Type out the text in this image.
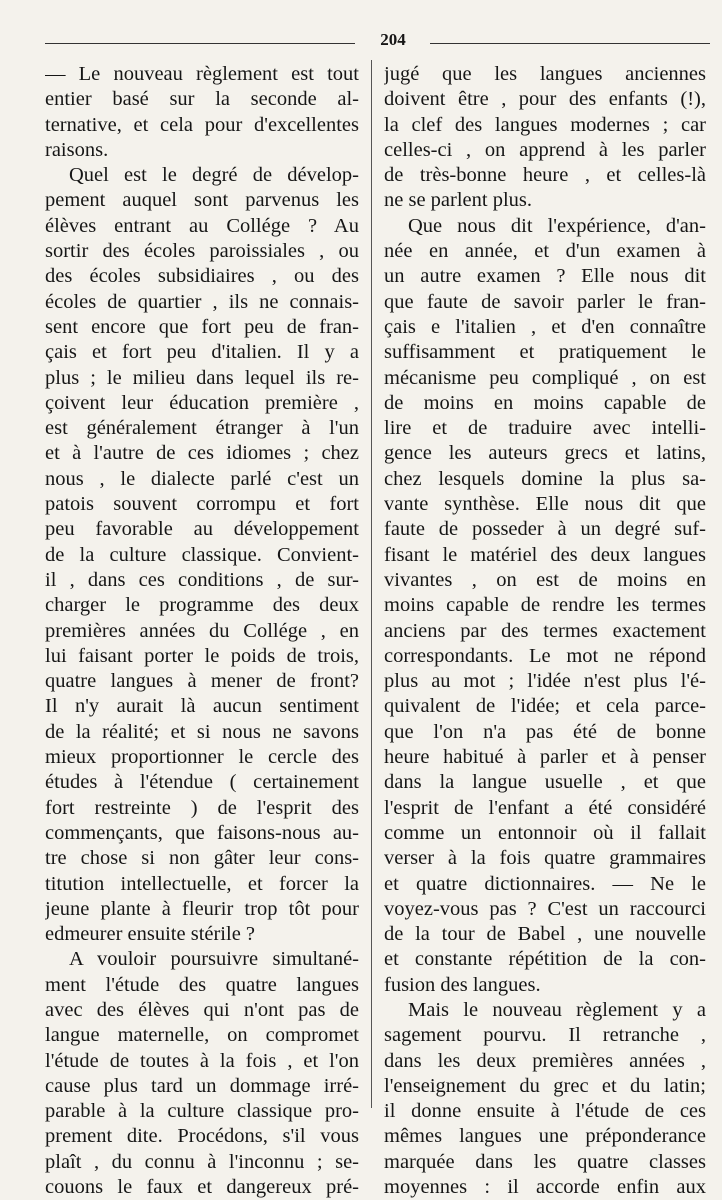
204
— Le nouveau règlement est tout
entier basé sur la seconde al-
ternative, et cela pour d'excellentes
raisons.
Quel est le degré de dévelop-
pement auquel sont parvenus les
élèves entrant au Collége ? Au
sortir des écoles paroissiales , ou
des écoles subsidiaires , ou des
écoles de quartier , ils ne connais-
sent encore que fort peu de fran-
çais et fort peu d'italien. Il y a
plus ; le milieu dans lequel ils re-
çoivent leur éducation première ,
est généralement étranger à l'un
et à l'autre de ces idiomes ; chez
nous , le dialecte parlé c'est un
patois souvent corrompu et fort
peu favorable au développement
de la culture classique. Convient-
il , dans ces conditions , de sur-
charger le programme des deux
premières années du Collége , en
lui faisant porter le poids de trois,
quatre langues à mener de front?
Il n'y aurait là aucun sentiment
de la réalité; et si nous ne savons
mieux proportionner le cercle des
études à l'étendue ( certainement
fort restreinte ) de l'esprit des
commençants, que faisons-nous au-
tre chose si non gâter leur cons-
titution intellectuelle, et forcer la
jeune plante à fleurir trop tôt pour
edmeurer ensuite stérile ?
A vouloir poursuivre simultané-
ment l'étude des quatre langues
avec des élèves qui n'ont pas de
langue maternelle, on compromet
l'étude de toutes à la fois , et l'on
cause plus tard un dommage irré-
parable à la culture classique pro-
prement dite. Procédons, s'il vous
plaît , du connu à l'inconnu ; se-
couons le faux et dangereux pré-
jugé que les langues anciennes
doivent être , pour des enfants (!),
la clef des langues modernes ; car
celles-ci , on apprend à les parler
de très-bonne heure , et celles-là
ne se parlent plus.
Que nous dit l'expérience, d'an-
née en année, et d'un examen à
un autre examen ? Elle nous dit
que faute de savoir parler le fran-
çais e l'italien , et d'en connaître
suffisamment et pratiquement le
mécanisme peu compliqué , on est
de moins en moins capable de
lire et de traduire avec intelli-
gence les auteurs grecs et latins,
chez lesquels domine la plus sa-
vante synthèse. Elle nous dit que
faute de posseder à un degré suf-
fisant le matériel des deux langues
vivantes , on est de moins en
moins capable de rendre les termes
anciens par des termes exactement
correspondants. Le mot ne répond
plus au mot ; l'idée n'est plus l'é-
quivalent de l'idée; et cela parce-
que l'on n'a pas été de bonne
heure habitué à parler et à penser
dans la langue usuelle , et que
l'esprit de l'enfant a été considéré
comme un entonnoir où il fallait
verser à la fois quatre grammaires
et quatre dictionnaires. — Ne le
voyez-vous pas ? C'est un raccourci
de la tour de Babel , une nouvelle
et constante répétition de la con-
fusion des langues.
Mais le nouveau règlement y a
sagement pourvu. Il retranche ,
dans les deux premières années ,
l'enseignement du grec et du latin;
il donne ensuite à l'étude de ces
mêmes langues une préponderance
marquée dans les quatre classes
moyennes : il accorde enfin aux
